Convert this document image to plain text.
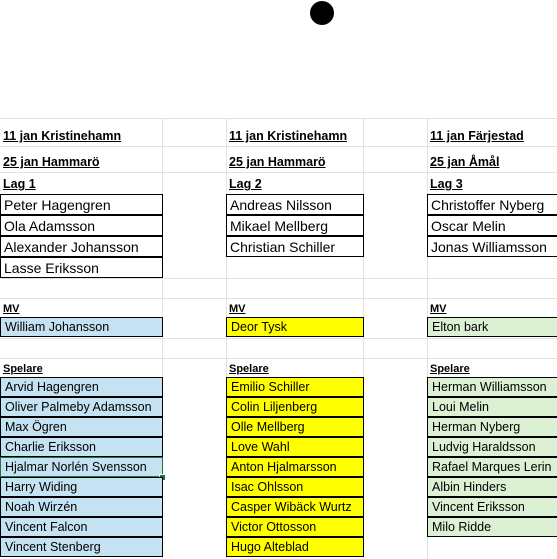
11 jan Kristinehamn
25 jan Hammarö
Lag 1
Peter Hagengren
Ola Adamsson
Alexander Johansson
Lasse Eriksson
MV
William Johansson
Spelare
Arvid Hagengren
Oliver Palmeby Adamsson
Max Ögren
Charlie Eriksson
Hjalmar Norlén Svensson
Harry Widing
Noah Wirzén
Vincent Falcon
Vincent Stenberg
11 jan Kristinehamn
25 jan Hammarö
Lag 2
Andreas Nilsson
Mikael Mellberg
Christian Schiller
MV
Deor Tysk
Spelare
Emilio Schiller
Colin Liljenberg
Olle Mellberg
Love Wahl
Anton Hjalmarsson
Isac Ohlsson
Casper Wibäck Wurtz
Victor Ottosson
Hugo Alteblad
11 jan Färjestad
25 jan Åmål
Lag 3
Christoffer Nyberg
Oscar Melin
Jonas Williamsson
MV
Elton bark
Spelare
Herman Williamsson
Loui Melin
Herman Nyberg
Ludvig Haraldsson
Rafael Marques Lerin
Albin Hinders
Vincent Eriksson
Milo Ridde
